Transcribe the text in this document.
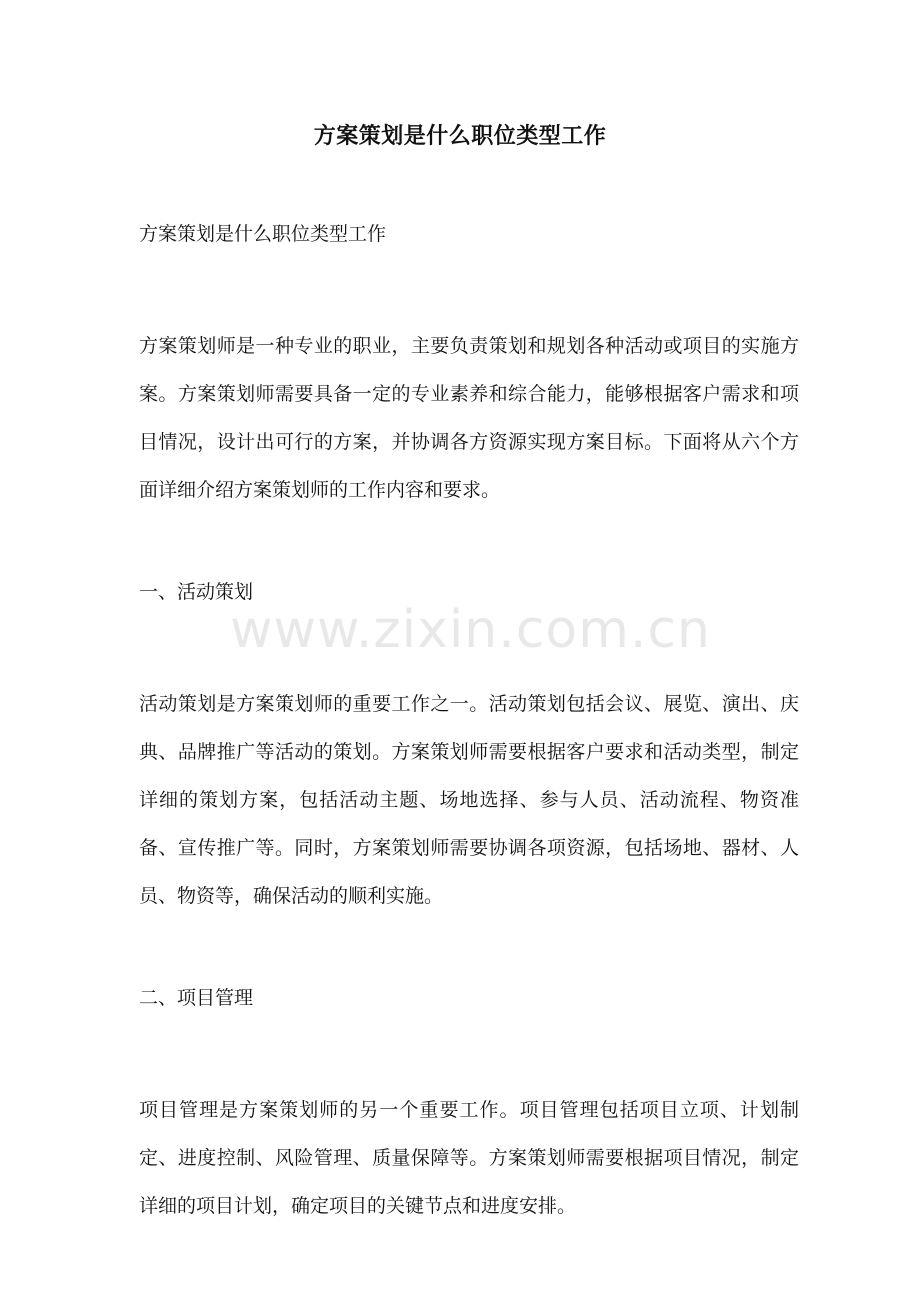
方案策划是什么职位类型工作

方案策划是什么职位类型工作

方案策划师是一种专业的职业，主要负责策划和规划各种活动或项目的实施方案。方案策划师需要具备一定的专业素养和综合能力，能够根据客户需求和项目情况，设计出可行的方案，并协调各方资源实现方案目标。下面将从六个方面详细介绍方案策划师的工作内容和要求。

一、活动策划

活动策划是方案策划师的重要工作之一。活动策划包括会议、展览、演出、庆典、品牌推广等活动的策划。方案策划师需要根据客户要求和活动类型，制定详细的策划方案，包括活动主题、场地选择、参与人员、活动流程、物资准备、宣传推广等。同时，方案策划师需要协调各项资源，包括场地、器材、人员、物资等，确保活动的顺利实施。

二、项目管理

项目管理是方案策划师的另一个重要工作。项目管理包括项目立项、计划制定、进度控制、风险管理、质量保障等。方案策划师需要根据项目情况，制定详细的项目计划，确定项目的关键节点和进度安排。

www.zixin.com.cn
